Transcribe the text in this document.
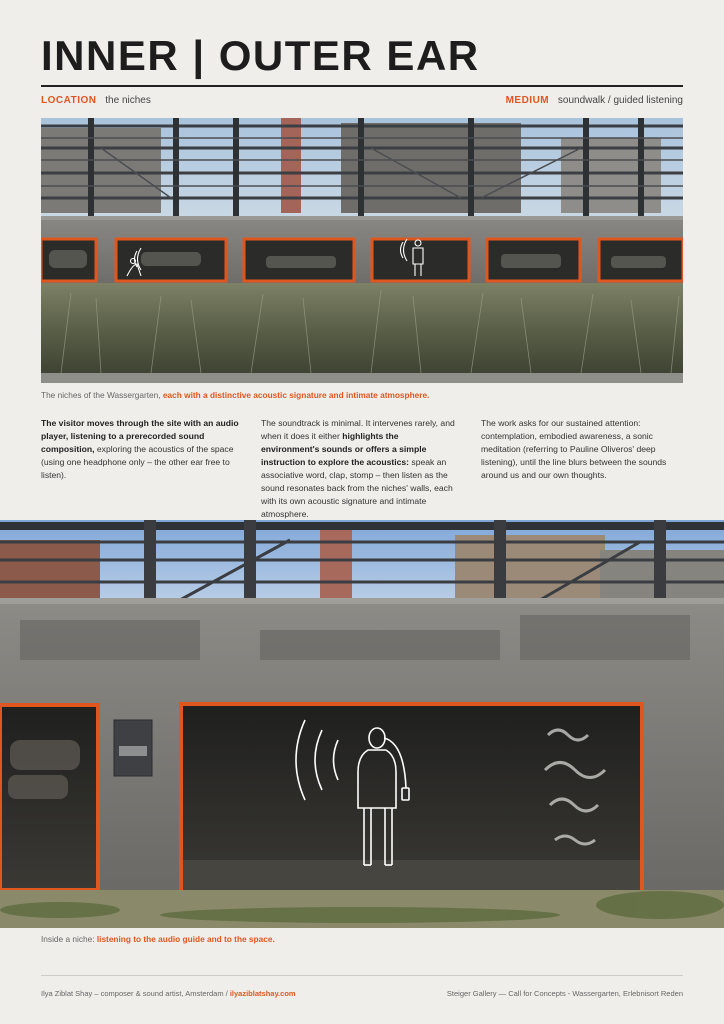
INNER | OUTER EAR
LOCATION the niches	MEDIUM soundwalk / guided listening
The niches of the Wassergarten, each with a distinctive acoustic signature and intimate atmosphere.
The visitor moves through the site with an audio player, listening to a prerecorded sound composition, exploring the acoustics of the space (using one headphone only – the other ear free to listen).
The soundtrack is minimal. It intervenes rarely, and when it does it either highlights the environment's sounds or offers a simple instruction to explore the acoustics: speak an associative word, clap, stomp – then listen as the sound resonates back from the niches' walls, each with its own acoustic signature and intimate atmosphere.
The work asks for our sustained attention: contemplation, embodied awareness, a sonic meditation (referring to Pauline Oliveros' deep listening), until the line blurs between the sounds around us and our own thoughts.
Inside a niche: listening to the audio guide and to the space.
Ilya Ziblat Shay – composer & sound artist, Amsterdam / ilyaziblatshay.com	Steiger Gallery — Call for Concepts - Wassergarten, Erlebnisort Reden
